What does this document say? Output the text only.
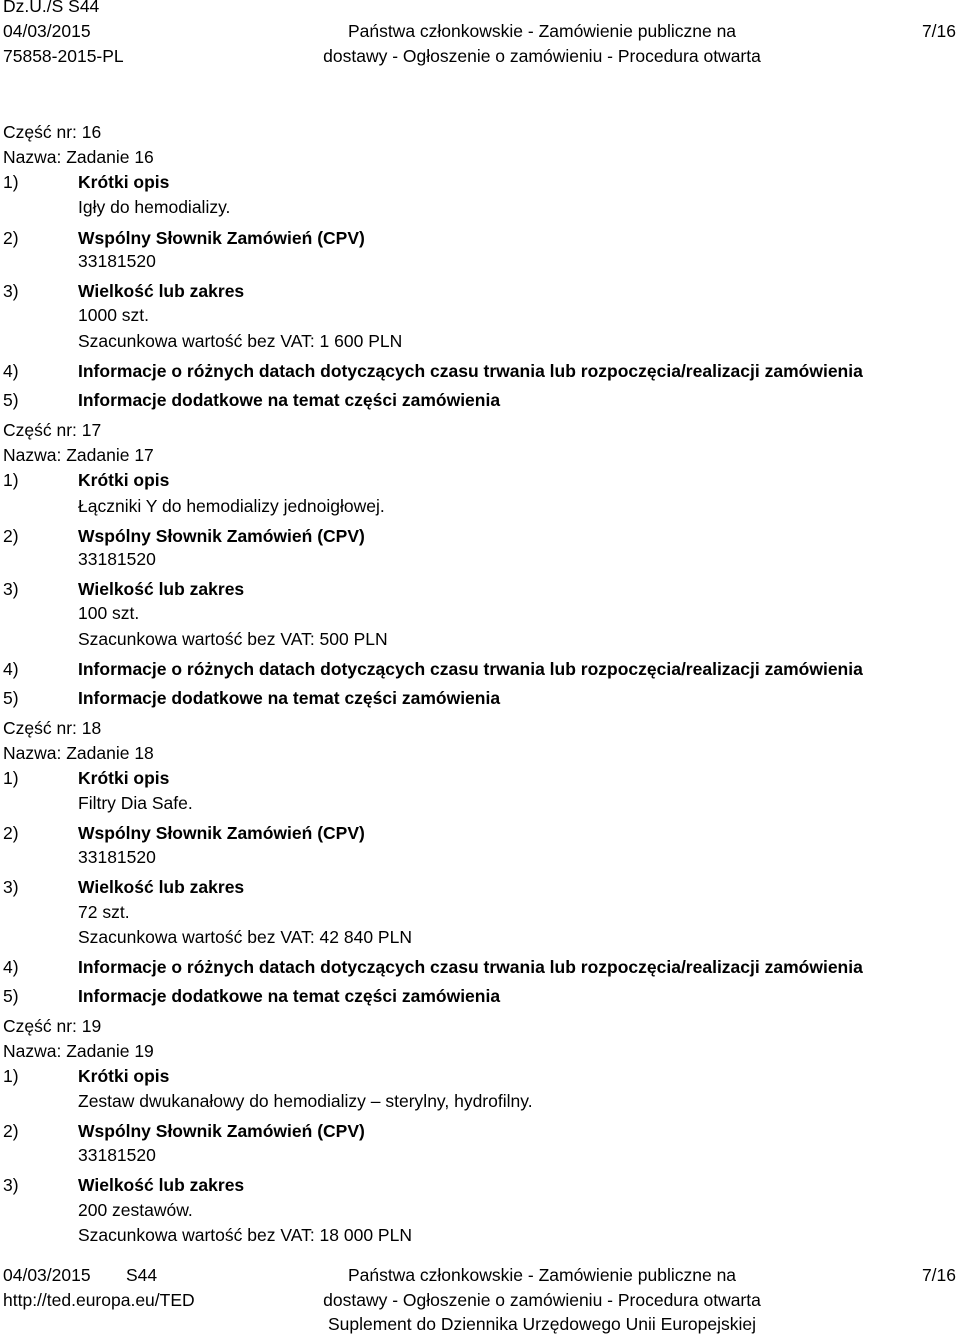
Dz.U./S S44
04/03/2015
75858-2015-PL
Państwa członkowskie - Zamówienie publiczne na
dostawy - Ogłoszenie o zamówieniu - Procedura otwarta
7/16
Część nr: 16
Nazwa: Zadanie 16
1)	Krótki opis
Igły do hemodializy.
2)	Wspólny Słownik Zamówień (CPV)
33181520
3)	Wielkość lub zakres
1000 szt.
Szacunkowa wartość bez VAT: 1 600 PLN
4)	Informacje o różnych datach dotyczących czasu trwania lub rozpoczęcia/realizacji zamówienia
5)	Informacje dodatkowe na temat części zamówienia
Część nr: 17
Nazwa: Zadanie 17
1)	Krótki opis
Łączniki Y do hemodializy jednoigłowej.
2)	Wspólny Słownik Zamówień (CPV)
33181520
3)	Wielkość lub zakres
100 szt.
Szacunkowa wartość bez VAT: 500 PLN
4)	Informacje o różnych datach dotyczących czasu trwania lub rozpoczęcia/realizacji zamówienia
5)	Informacje dodatkowe na temat części zamówienia
Część nr: 18
Nazwa: Zadanie 18
1)	Krótki opis
Filtry Dia Safe.
2)	Wspólny Słownik Zamówień (CPV)
33181520
3)	Wielkość lub zakres
72 szt.
Szacunkowa wartość bez VAT: 42 840 PLN
4)	Informacje o różnych datach dotyczących czasu trwania lub rozpoczęcia/realizacji zamówienia
5)	Informacje dodatkowe na temat części zamówienia
Część nr: 19
Nazwa: Zadanie 19
1)	Krótki opis
Zestaw dwukanałowy do hemodializy – sterylny, hydrofilny.
2)	Wspólny Słownik Zamówień (CPV)
33181520
3)	Wielkość lub zakres
200 zestawów.
Szacunkowa wartość bez VAT: 18 000 PLN
04/03/2015 S44
http://ted.europa.eu/TED
Państwa członkowskie - Zamówienie publiczne na
dostawy - Ogłoszenie o zamówieniu - Procedura otwarta
Suplement do Dziennika Urzędowego Unii Europejskiej
7/16
